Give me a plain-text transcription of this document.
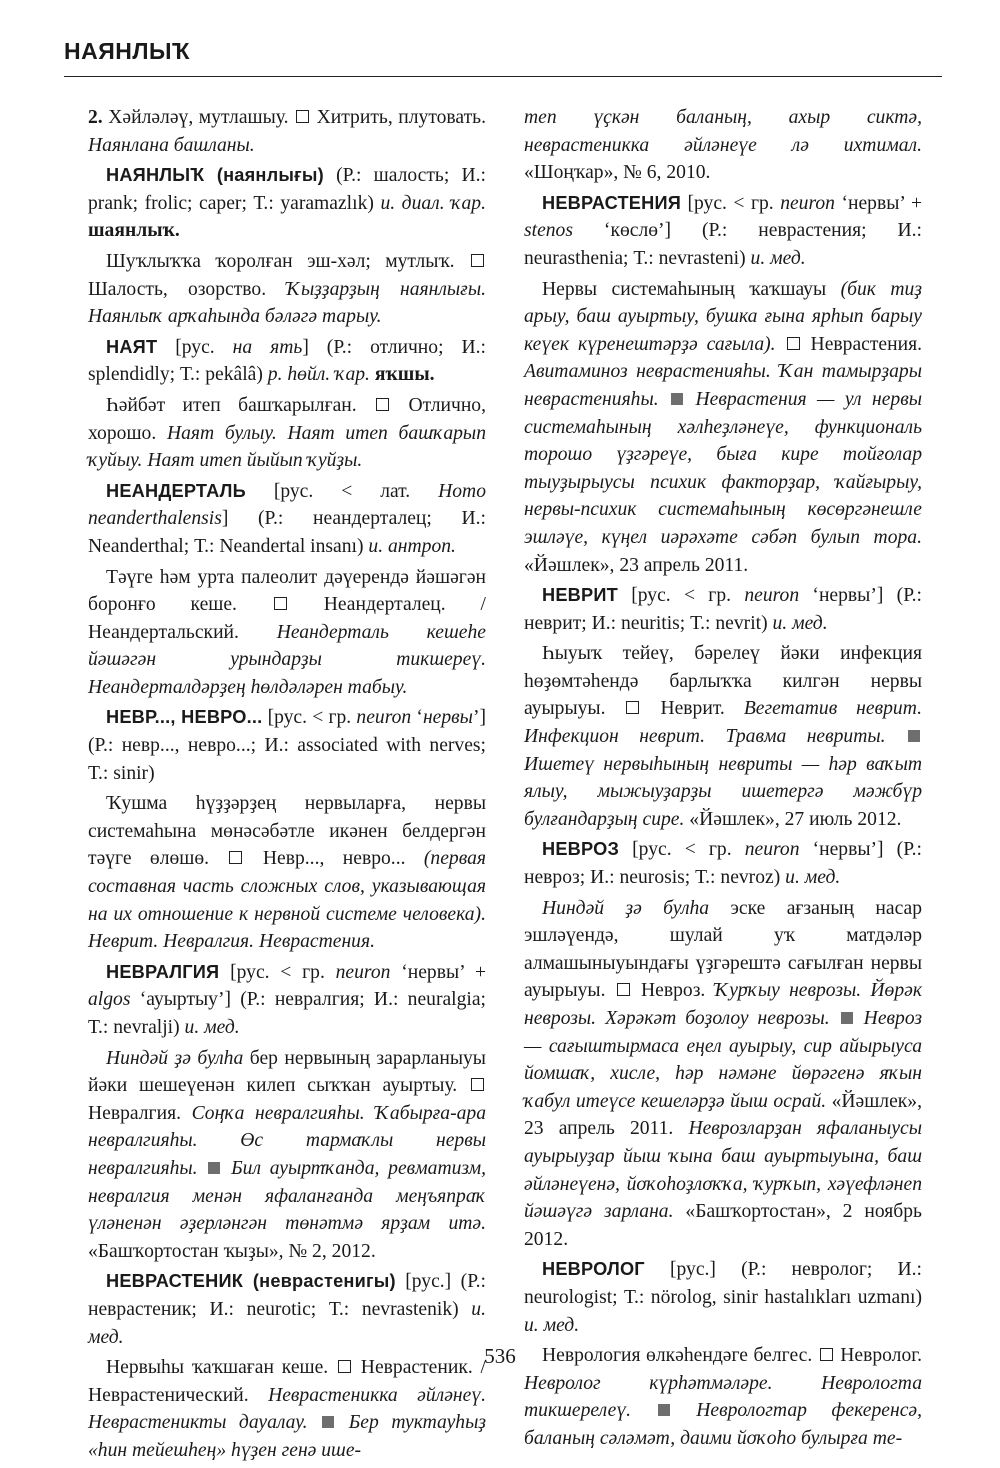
НАЯНЛЫҠ

2. Хәйләләү, мутлашыу.  Хитрить, плутовать. Наянлана башланы.

НАЯНЛЫҠ (наянлығы) (Р.: шалость; И.: prank; frolic; caper; Т.: yaramazlık) и. диал. ҡар. шаянлыҡ.

Шуҡлыҡҡа ҡоролған эш-хәл; мутлыҡ.  Шалость, озорство. Ҡыҙҙарҙың наянлығы. Наянлыҡ арҡаһында бәләгә тарыу.

НАЯТ [рус. на ять] (Р.: отлично; И.: splendidly; Т.: pekâlâ) р. һөйл. ҡар. яҡшы.

Һәйбәт итеп башҡарылған.  Отлично, хорошо. Наят булыу. Наят итеп башҡарып ҡуйыу. Наят итеп йыйып ҡуйҙы.

НЕАНДЕРТАЛЬ [рус. < лат. Homo neanderthalensis] (Р.: неандерталец; И.: Neanderthal; Т.: Neandertal insanı) и. антроп.

Тәүге һәм урта палеолит дәүерендә йәшәгән боронғо кеше.  Неандерталец. / Неандертальский. Неандерталь кешеһе йәшәгән урындарҙы тикшереү. Неандерталдәрҙең һөлдәләрен табыу.

НЕВР..., НЕВРО... [рус. < гр. neuron ‘нервы’] (Р.: невр..., невро...; И.: associated with nerves; Т.: sinir)

Ҡушма һүҙҙәрҙең нервыларға, нервы системаһына мөнәсәбәтле икәнен белдергән тәүге өлөшө.  Невр..., невро... (первая составная часть сложных слов, указывающая на их отношение к нервной системе человека). Неврит. Невралгия. Неврастения.

НЕВРАЛГИЯ [рус. < гр. neuron ‘нервы’ + algos ‘ауыртыу’] (Р.: невралгия; И.: neuralgia; Т.: nevralji) и. мед.

Ниндәй ҙә булһа бер нервының зарарланыуы йәки шешеүенән килеп сыҡҡан ауыртыу.  Невралгия. Соңҡа невралгияһы. Ҡабырға-ара невралгияһы. Өс тармаҡлы нервы невралгияһы.  Бил ауыртҡанда, ревматизм, невралгия менән яфаланғанда меңъяпраҡ үләненән әҙерләнгән төнәтмә ярҙам итә. «Башҡортостан ҡыҙы», № 2, 2012.

НЕВРАСТЕНИК (неврастенигы) [рус.] (Р.: неврастеник; И.: neurotic; Т.: nevrastenik) и. мед.

Нервыһы ҡаҡшаған кеше.  Неврастеник. / Неврастенический. Неврастеникка әйләнеү. Неврастеникты дауалау.  Бер туктауһыҙ «һин тейешһең» һүҙен генә ише-

теп үҫкән баланың, ахыр сиктә, неврастеникка әйләнеүе лә ихтимал. «Шоңҡар», № 6, 2010.

НЕВРАСТЕНИЯ [рус. < гр. neuron ‘нервы’ + stenos ‘көслө’] (Р.: неврастения; И.: neurasthenia; Т.: nevrasteni) и. мед.

Нервы системаһының ҡаҡшауы (бик тиҙ арыу, баш ауыртыу, бушка ғына ярһып барыу кеүек күренештәрҙә сағыла).  Неврастения. Авитаминоз неврастенияһы. Ҡан тамырҙары неврастенияһы.  Неврастения — ул нервы системаһының хәлһеҙләнеүе, функциональ торошо үҙгәреүе, быға кире тойғолар тыуҙырыусы психик факторҙар, ҡайғырыу, нервы-психик системаһының көсөргәнешле эшләүе, күңел иәрәхәте сәбәп булып тора. «Йәшлек», 23 апрель 2011.

НЕВРИТ [рус. < гр. neuron ‘нервы’] (Р.: неврит; И.: neuritis; Т.: nevrit) и. мед.

Һыуыҡ тейеү, бәрелеү йәки инфекция һөҙөмтәһендә барлыҡҡа килгән нервы ауырыуы.  Неврит. Вегетатив неврит. Инфекцион неврит. Травма невриты.  Ишетеү нервыһының невриты — һәр ваҡыт ялыу, мыжыуҙарҙы ишетергә мәжбүр булғандарҙың сире. «Йәшлек», 27 июль 2012.

НЕВРОЗ [рус. < гр. neuron ‘нервы’] (Р.: невроз; И.: neurosis; Т.: nevroz) и. мед.

Ниндәй ҙә булһа эске ағзаның насар эшләүендә, шулай уҡ матдәләр алмашыныуындағы үҙгәрештә сағылған нервы ауырыуы.  Невроз. Ҡурҡыу неврозы. Йөрәк неврозы. Хәрәкәт боҙолоу неврозы.  Невроз — сағыштырмаса еңел ауырыу, сир айырыуса йомшаҡ, хисле, һәр нәмәне йөрәгенә яҡын ҡабул итеүсе кешеләрҙә йыш осрай. «Йәшлек», 23 апрель 2011. Неврозларҙан яфаланыусы ауырыуҙар йыш ҡына баш ауыртыуына, баш әйләнеүенә, йоҡоһоҙлоҡҡа, ҡурҡып, хәүефләнеп йәшәүгә зарлана. «Башҡортостан», 2 ноябрь 2012.

НЕВРОЛОГ [рус.] (Р.: невролог; И.: neurologist; Т.: nörolog, sinir hastalıkları uzmanı) и. мед.

Неврология өлкәһендәге белгес.  Невролог. Невролог күрһәтмәләре. Неврологта тикшерелеү.  Неврологтар фекеренсә, баланың сәләмәт, даими йоҡоһо булырға те-

536
